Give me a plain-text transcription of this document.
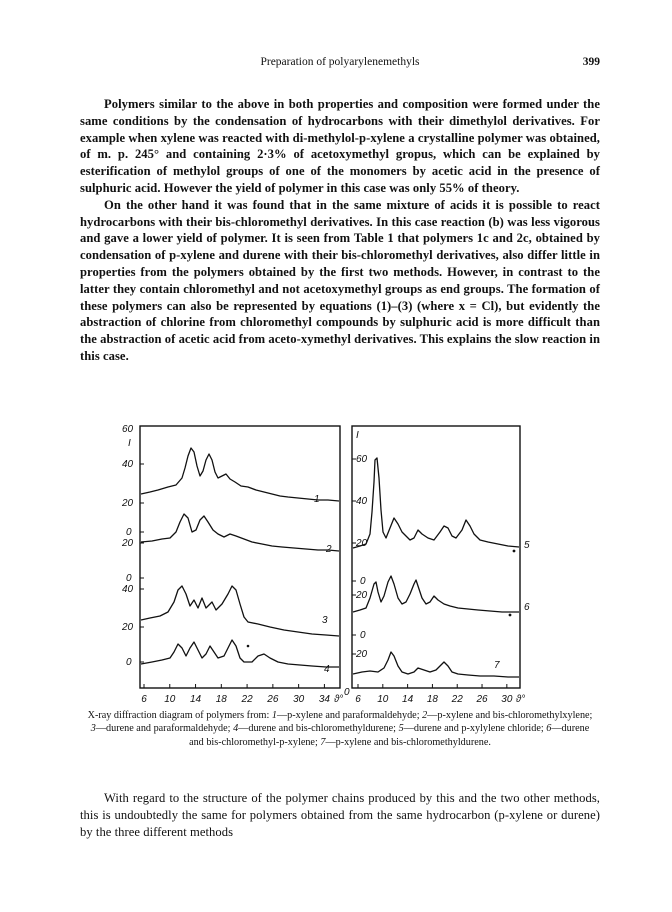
Preparation of polyarylenemethyls	399

Polymers similar to the above in both properties and composition were formed under the same conditions by the condensation of hydrocarbons with their dimethylol derivatives. For example when xylene was reacted with di-methylol-p-xylene a crystalline polymer was obtained, of m. p. 245° and containing 2·3% of acetoxymethyl gropus, which can be explained by esterification of methylol groups of one of the monomers by acetic acid in the presence of sulphuric acid. However the yield of polymer in this case was only 55% of theory.

On the other hand it was found that in the same mixture of acids it is possible to react hydrocarbons with their bis-chloromethyl derivatives. In this case reaction (b) was less vigorous and gave a lower yield of polymer. It is seen from Table 1 that polymers 1c and 2c, obtained by condensation of p-xylene and durene with their bis-chloromethyl derivatives, also differ little in properties from the polymers obtained by the first two methods. However, in contrast to the latter they contain chloromethyl and not acetoxymethyl groups as end groups. The formation of these polymers can also be represented by equations (1)–(3) (where x = Cl), but evidently the abstraction of chlorine from chloromethyl compounds by sulphuric acid is more difficult than the abstraction of acetic acid from aceto-xymethyl derivatives. This explains the slow reaction in this case.

60
I
40
20
0
20
0
40
20
0
1
2
3
4
I
60
40
20
0
20
0
20
0
5
6
7
6 10 14 18 22 26 30 34 ϑ° 6 10 14 18 22 26 30 ϑ°
X-ray diffraction diagram of polymers from: 1—p-xylene and paraformaldehyde; 2—p-xylene and bis-chloromethylxylene; 3—durene and paraformaldehyde; 4—durene and bis-chloromethyldurene; 5—durene and p-xylylene chloride; 6—durene and bis-chloromethyl-p-xylene; 7—p-xylene and bis-chloromethyldurene.

With regard to the structure of the polymer chains produced by this and the two other methods, this is undoubtedly the same for polymers obtained from the same hydrocarbon (p-xylene or durene) by the three different methods
